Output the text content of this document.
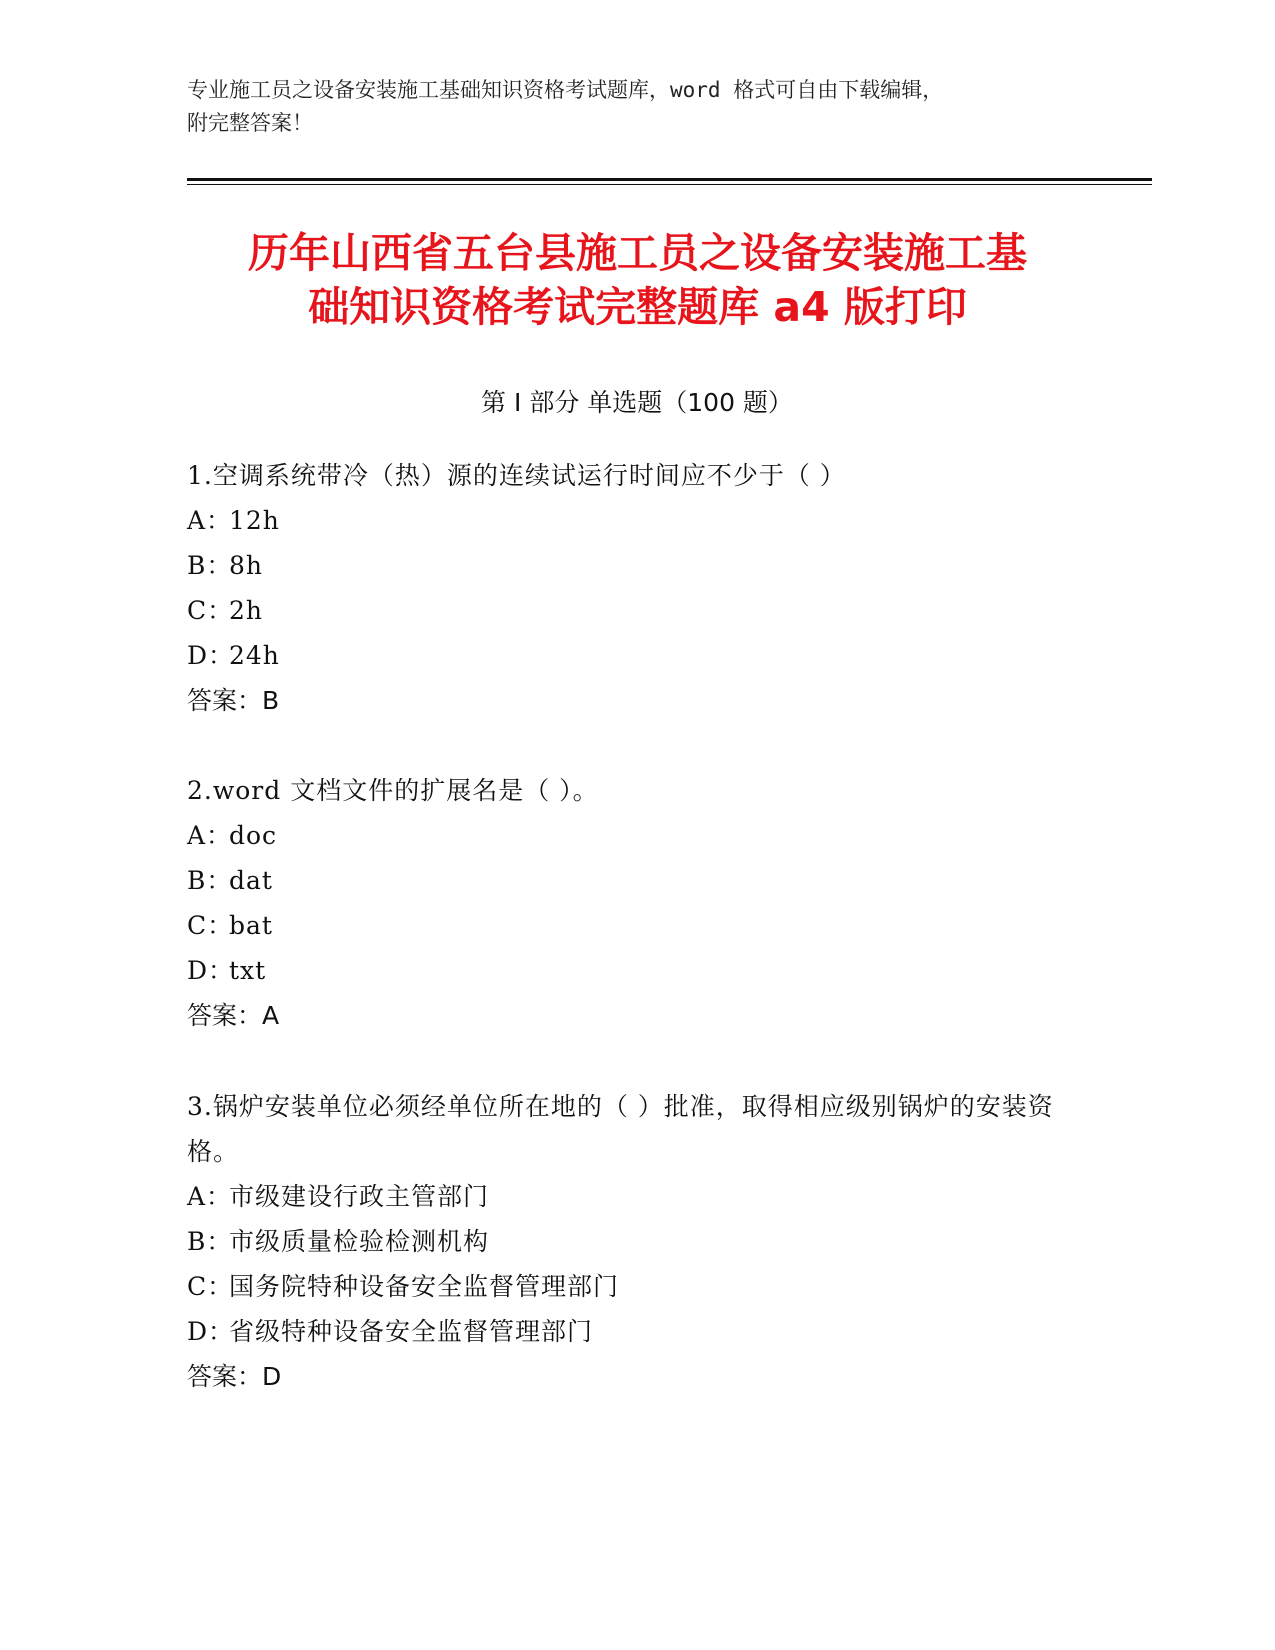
专业施工员之设备安装施工基础知识资格考试题库，word 格式可自由下载编辑，
附完整答案！
历年山西省五台县施工员之设备安装施工基
础知识资格考试完整题库 a4 版打印
第 I 部分 单选题（100 题）
1.空调系统带冷（热）源的连续试运行时间应不少于（ ）
A：
12h
B：
8h
C：
2h
D：
24h
答案：B
2.word 文档文件的扩展名是（ ）。
A：
doc
B：
dat
C：
bat
D：
txt
答案：A
3.锅炉安装单位必须经单位所在地的（ ）批准，取得相应级别锅炉的安装资格。
A：
市级建设行政主管部门
B：
市级质量检验检测机构
C：
国务院特种设备安全监督管理部门
D：
省级特种设备安全监督管理部门
答案：D
